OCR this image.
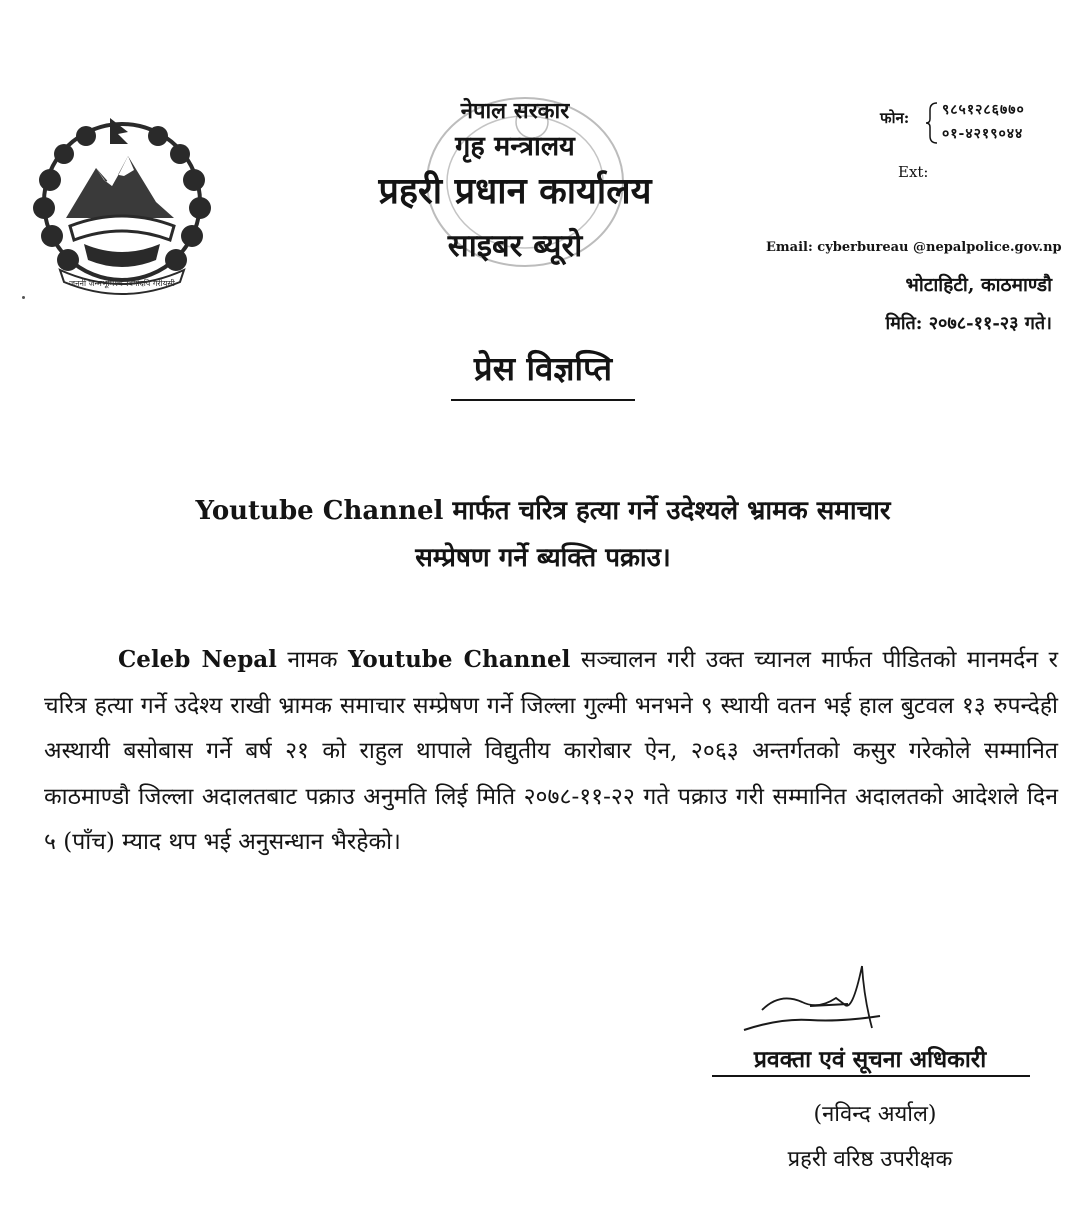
जननी जन्मभूमिश्च स्वर्गादपि गरीयसी
नेपाल सरकार
गृह मन्त्रालय
प्रहरी प्रधान कार्यालय
साइबर ब्यूरो
फोन: ९८५१२८६७७०
०१-४२१९०४४
Ext:
Email: cyberbureau @nepalpolice.gov.np
भोटाहिटी, काठमाण्डौ
मिति: २०७८-११-२३ गते।
प्रेस विज्ञप्ति
Youtube Channel मार्फत चरित्र हत्या गर्ने उदेश्यले भ्रामक समाचार
सम्प्रेषण गर्ने ब्यक्ति पक्राउ।
Celeb Nepal नामक Youtube Channel सञ्चालन गरी उक्त च्यानल मार्फत पीडितको मानमर्दन र चरित्र हत्या गर्ने उदेश्य राखी भ्रामक समाचार सम्प्रेषण गर्ने जिल्ला गुल्मी भनभने ९ स्थायी वतन भई हाल बुटवल १३ रुपन्देही अस्थायी बसोबास गर्ने बर्ष २१ को राहुल थापाले विद्युतीय कारोबार ऐन, २०६३ अन्तर्गतको कसुर गरेकोले सम्मानित काठमाण्डौ जिल्ला अदालतबाट पक्राउ अनुमति लिई मिति २०७८-११-२२ गते पक्राउ गरी सम्मानित अदालतको आदेशले दिन ५ (पाँच) म्याद थप भई अनुसन्धान भैरहेको।
प्रवक्ता एवं सूचना अधिकारी
(नविन्द अर्याल)
प्रहरी वरिष्ठ उपरीक्षक
